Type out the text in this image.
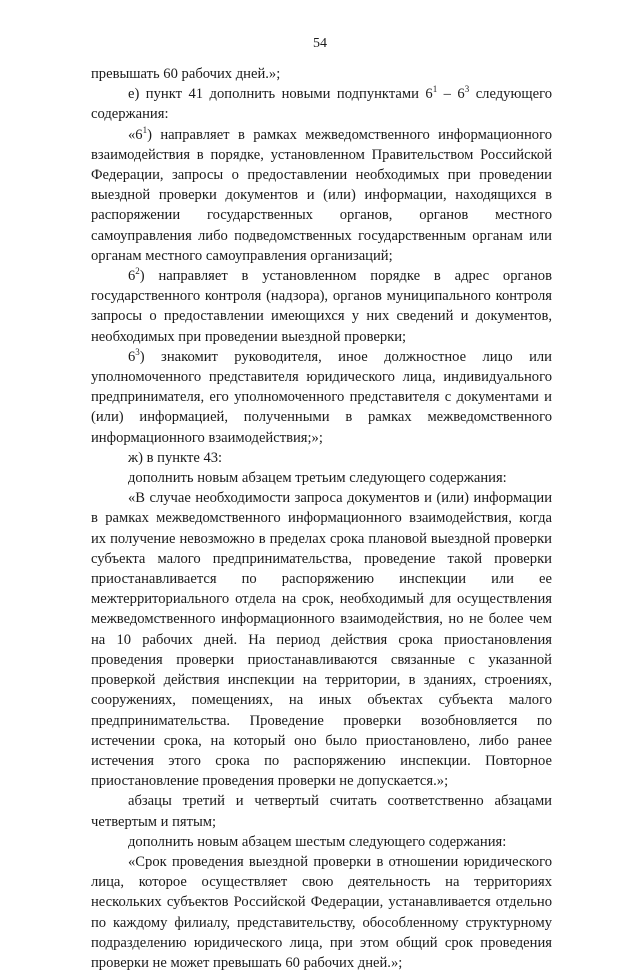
54

превышать 60 рабочих дней.»;

е) пункт 41 дополнить новыми подпунктами $6^1 - 6^3$ следующего содержания:

«$6^1$) направляет в рамках межведомственного информационного взаимодействия в порядке, установленном Правительством Российской Федерации, запросы о предоставлении необходимых при проведении выездной проверки документов и (или) информации, находящихся в распоряжении государственных органов, органов местного самоуправления либо подведомственных государственным органам или органам местного самоуправления организаций;

$6^2$) направляет в установленном порядке в адрес органов государственного контроля (надзора), органов муниципального контроля запросы о предоставлении имеющихся у них сведений и документов, необходимых при проведении выездной проверки;

$6^3$) знакомит руководителя, иное должностное лицо или уполномоченного представителя юридического лица, индивидуального предпринимателя, его уполномоченного представителя с документами и (или) информацией, полученными в рамках межведомственного информационного взаимодействия;»;

ж) в пункте 43:

дополнить новым абзацем третьим следующего содержания:

«В случае необходимости запроса документов и (или) информации в рамках межведомственного информационного взаимодействия, когда их получение невозможно в пределах срока плановой выездной проверки субъекта малого предпринимательства, проведение такой проверки приостанавливается по распоряжению инспекции или ее межтерриториального отдела на срок, необходимый для осуществления межведомственного информационного взаимодействия, но не более чем на 10 рабочих дней. На период действия срока приостановления проведения проверки приостанавливаются связанные с указанной проверкой действия инспекции на территории, в зданиях, строениях, сооружениях, помещениях, на иных объектах субъекта малого предпринимательства. Проведение проверки возобновляется по истечении срока, на который оно было приостановлено, либо ранее истечения этого срока по распоряжению инспекции. Повторное приостановление проведения проверки не допускается.»;

абзацы третий и четвертый считать соответственно абзацами четвертым и пятым;

дополнить новым абзацем шестым следующего содержания:

«Срок проведения выездной проверки в отношении юридического лица, которое осуществляет свою деятельность на территориях нескольких субъектов Российской Федерации, устанавливается отдельно по каждому филиалу, представительству, обособленному структурному подразделению юридического лица, при этом общий срок проведения проверки не может превышать 60 рабочих дней.»;
